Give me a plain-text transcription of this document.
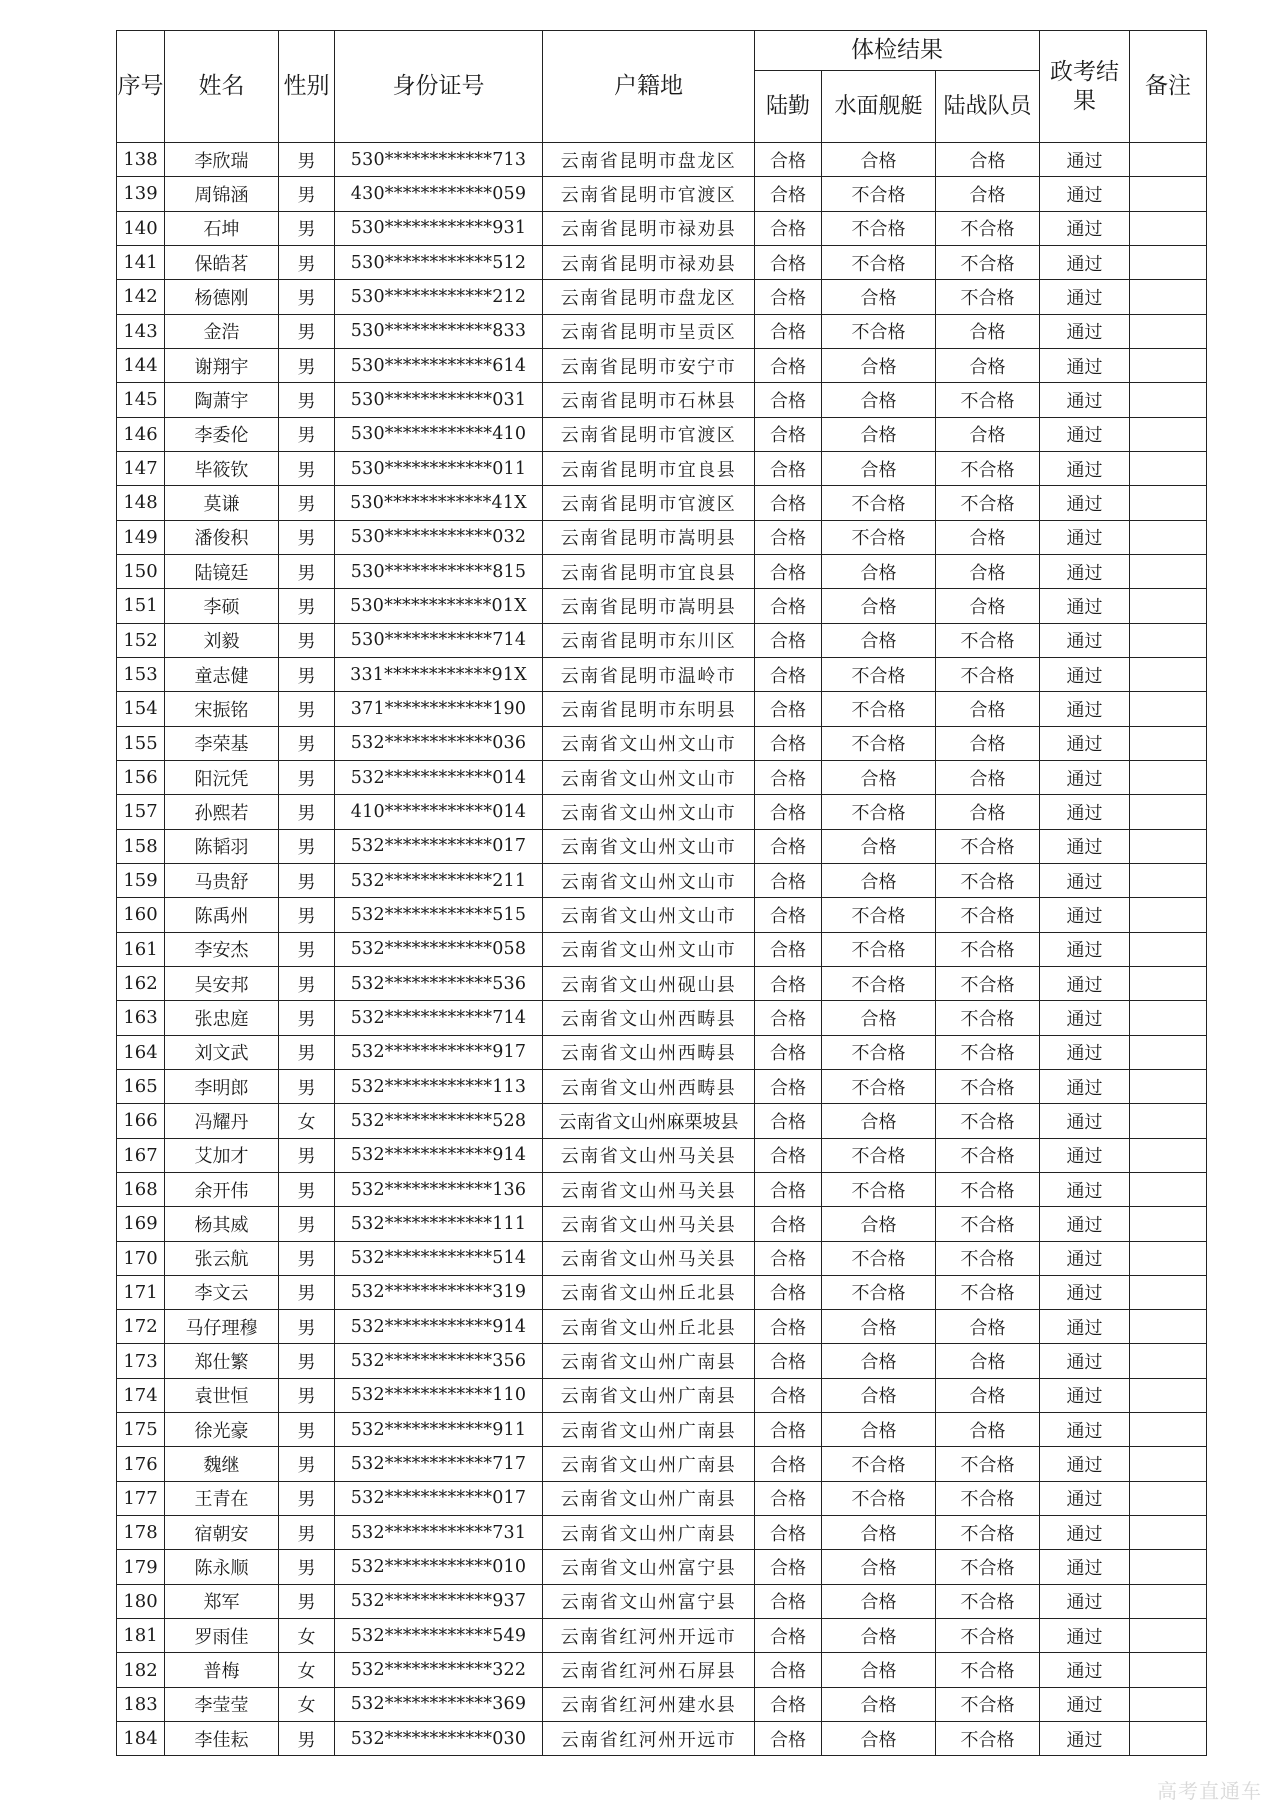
序号	姓名	性别	身份证号	户籍地	体检结果			政考结果	备注
					陆勤	水面舰艇	陆战队员		
138	李欣瑞	男	530************713	云南省昆明市盘龙区	合格	合格	合格	通过	
139	周锦涵	男	430************059	云南省昆明市官渡区	合格	不合格	合格	通过	
140	石坤	男	530************931	云南省昆明市禄劝县	合格	不合格	不合格	通过	
141	保皓茗	男	530************512	云南省昆明市禄劝县	合格	不合格	不合格	通过	
142	杨德刚	男	530************212	云南省昆明市盘龙区	合格	合格	不合格	通过	
143	金浩	男	530************833	云南省昆明市呈贡区	合格	不合格	合格	通过	
144	谢翔宇	男	530************614	云南省昆明市安宁市	合格	合格	合格	通过	
145	陶萧宇	男	530************031	云南省昆明市石林县	合格	合格	不合格	通过	
146	李委伦	男	530************410	云南省昆明市官渡区	合格	合格	合格	通过	
147	毕筱钦	男	530************011	云南省昆明市宜良县	合格	合格	不合格	通过	
148	莫谦	男	530************41X	云南省昆明市官渡区	合格	不合格	不合格	通过	
149	潘俊积	男	530************032	云南省昆明市嵩明县	合格	不合格	合格	通过	
150	陆镜廷	男	530************815	云南省昆明市宜良县	合格	合格	合格	通过	
151	李硕	男	530************01X	云南省昆明市嵩明县	合格	合格	合格	通过	
152	刘毅	男	530************714	云南省昆明市东川区	合格	合格	不合格	通过	
153	童志健	男	331************91X	云南省昆明市温岭市	合格	不合格	不合格	通过	
154	宋振铭	男	371************190	云南省昆明市东明县	合格	不合格	合格	通过	
155	李荣基	男	532************036	云南省文山州文山市	合格	不合格	合格	通过	
156	阳沅凭	男	532************014	云南省文山州文山市	合格	合格	合格	通过	
157	孙熙若	男	410************014	云南省文山州文山市	合格	不合格	合格	通过	
158	陈韬羽	男	532************017	云南省文山州文山市	合格	合格	不合格	通过	
159	马贵舒	男	532************211	云南省文山州文山市	合格	合格	不合格	通过	
160	陈禹州	男	532************515	云南省文山州文山市	合格	不合格	不合格	通过	
161	李安杰	男	532************058	云南省文山州文山市	合格	不合格	不合格	通过	
162	吴安邦	男	532************536	云南省文山州砚山县	合格	不合格	不合格	通过	
163	张忠庭	男	532************714	云南省文山州西畴县	合格	合格	不合格	通过	
164	刘文武	男	532************917	云南省文山州西畴县	合格	不合格	不合格	通过	
165	李明郎	男	532************113	云南省文山州西畴县	合格	不合格	不合格	通过	
166	冯耀丹	女	532************528	云南省文山州麻栗坡县	合格	合格	不合格	通过	
167	艾加才	男	532************914	云南省文山州马关县	合格	不合格	不合格	通过	
168	余开伟	男	532************136	云南省文山州马关县	合格	不合格	不合格	通过	
169	杨其威	男	532************111	云南省文山州马关县	合格	合格	不合格	通过	
170	张云航	男	532************514	云南省文山州马关县	合格	不合格	不合格	通过	
171	李文云	男	532************319	云南省文山州丘北县	合格	不合格	不合格	通过	
172	马仔理穆	男	532************914	云南省文山州丘北县	合格	合格	合格	通过	
173	郑仕繁	男	532************356	云南省文山州广南县	合格	合格	合格	通过	
174	袁世恒	男	532************110	云南省文山州广南县	合格	合格	合格	通过	
175	徐光豪	男	532************911	云南省文山州广南县	合格	合格	合格	通过	
176	魏继	男	532************717	云南省文山州广南县	合格	不合格	不合格	通过	
177	王青在	男	532************017	云南省文山州广南县	合格	不合格	不合格	通过	
178	宿朝安	男	532************731	云南省文山州广南县	合格	合格	不合格	通过	
179	陈永顺	男	532************010	云南省文山州富宁县	合格	合格	不合格	通过	
180	郑军	男	532************937	云南省文山州富宁县	合格	合格	不合格	通过	
181	罗雨佳	女	532************549	云南省红河州开远市	合格	合格	不合格	通过	
182	普梅	女	532************322	云南省红河州石屏县	合格	合格	不合格	通过	
183	李莹莹	女	532************369	云南省红河州建水县	合格	合格	不合格	通过	
184	李佳耘	男	532************030	云南省红河州开远市	合格	合格	不合格	通过	
高考直通车
